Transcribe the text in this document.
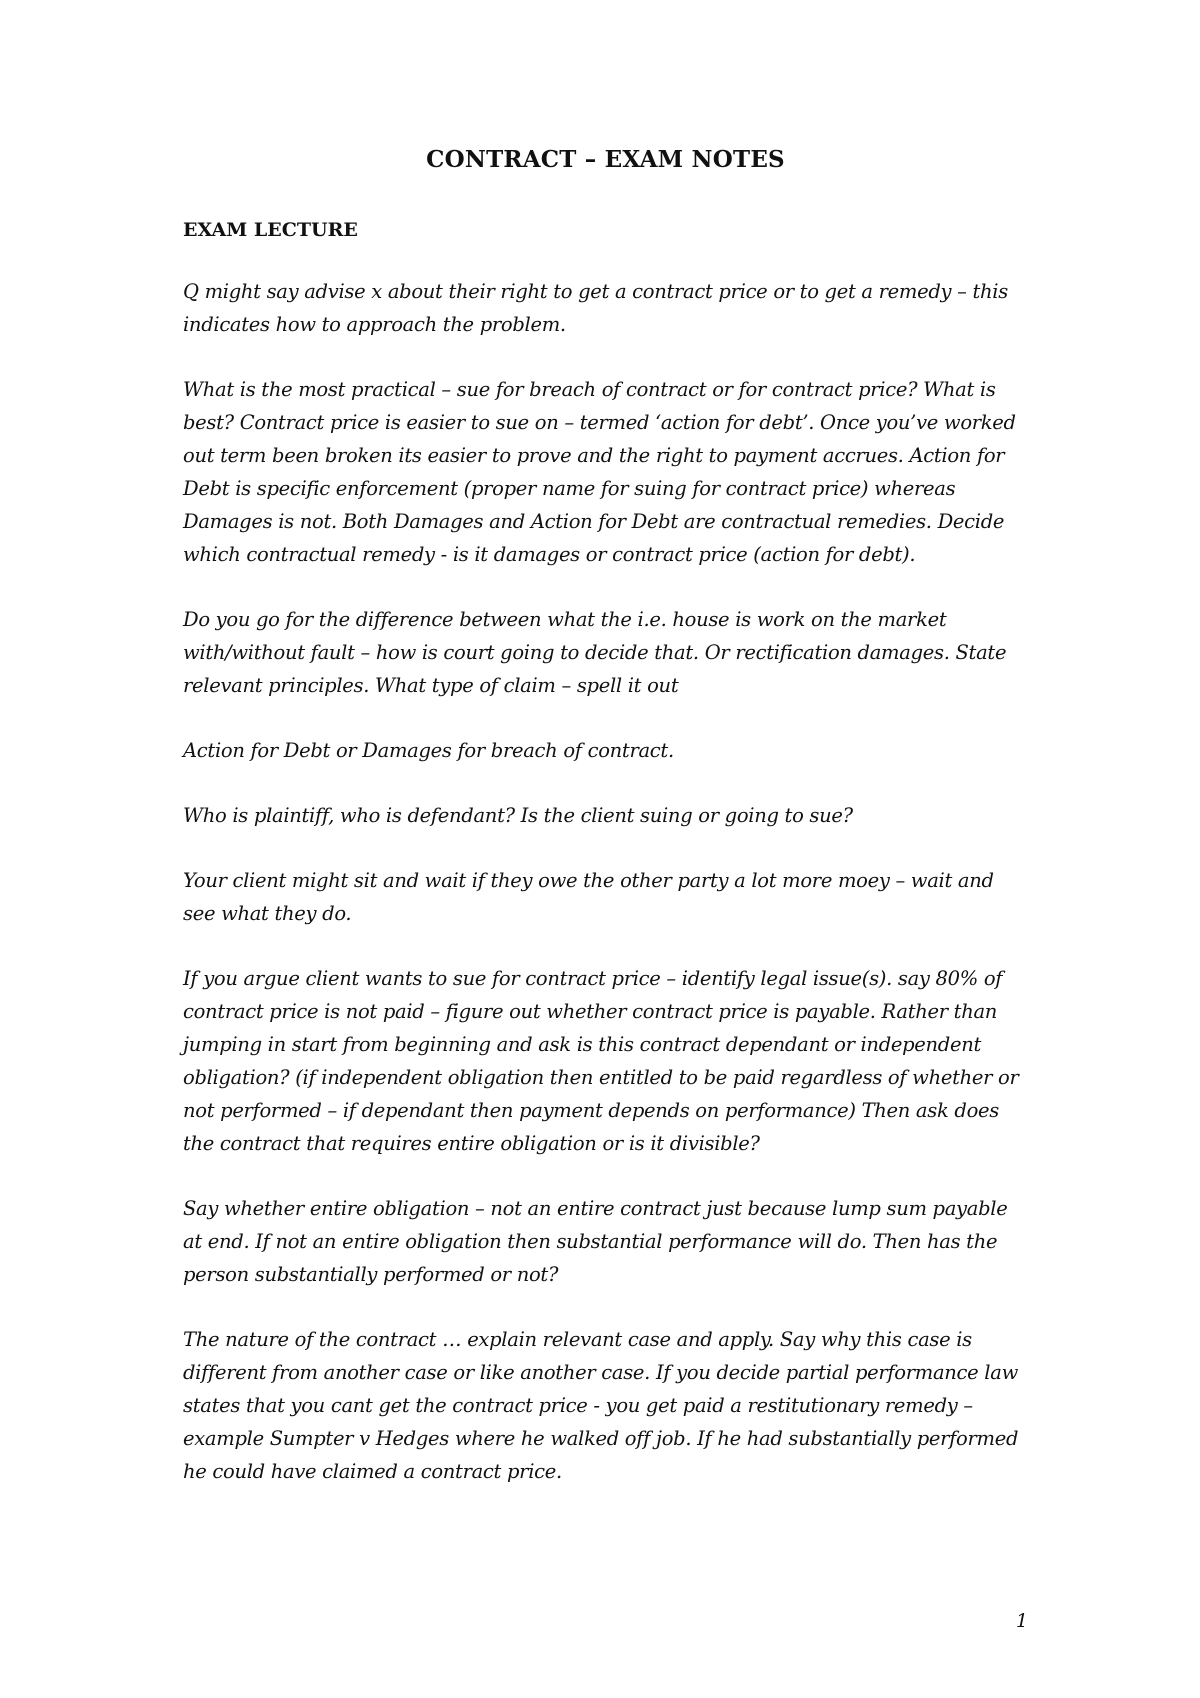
CONTRACT – EXAM NOTES
EXAM LECTURE

Q might say advise x about their right to get a contract price or to get a remedy – this indicates how to approach the problem.

What is the most practical – sue for breach of contract or for contract price? What is best? Contract price is easier to sue on – termed ‘action for debt’. Once you’ve worked out term been broken its easier to prove and the right to payment accrues. Action for Debt is specific enforcement (proper name for suing for contract price) whereas Damages is not. Both Damages and Action for Debt are contractual remedies. Decide which contractual remedy - is it damages or contract price (action for debt).

Do you go for the difference between what the i.e. house is work on the market with/without fault – how is court going to decide that. Or rectification damages. State relevant principles. What type of claim – spell it out

Action for Debt or Damages for breach of contract.

Who is plaintiff, who is defendant? Is the client suing or going to sue?

Your client might sit and wait if they owe the other party a lot more moey – wait and see what they do.

If you argue client wants to sue for contract price – identify legal issue(s). say 80% of contract price is not paid – figure out whether contract price is payable. Rather than jumping in start from beginning and ask is this contract dependant or independent obligation? (if independent obligation then entitled to be paid regardless of whether or not performed – if dependant then payment depends on performance) Then ask does the contract that requires entire obligation or is it divisible?

Say whether entire obligation – not an entire contract just because lump sum payable at end. If not an entire obligation then substantial performance will do. Then has the person substantially performed or not?

The nature of the contract … explain relevant case and apply. Say why this case is different from another case or like another case. If you decide partial performance law states that you cant get the contract price - you get paid a restitutionary remedy – example Sumpter v Hedges where he walked off job. If he had substantially performed he could have claimed a contract price.

1
